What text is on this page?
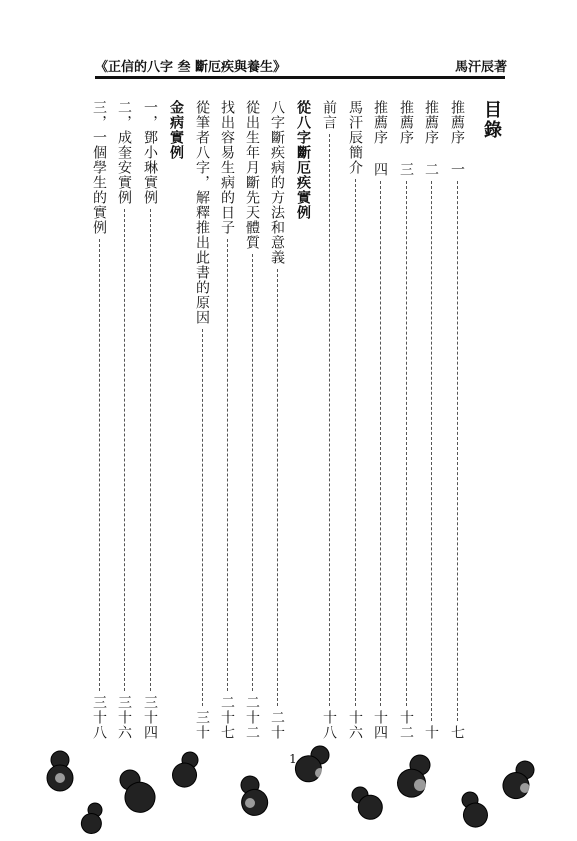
《正信的八字 叁 斷厄疾與養生》	馬汗辰著
目錄
推薦序 一
七
推薦序 二
十
推薦序 三
十二
推薦序 四
十四
馬汗辰簡介
十六
前言
十八
從八字斷厄疾實例
八字斷疾病的方法和意義
二十
從出生年月斷先天體質
二十二
找出容易生病的日子
二十七
從筆者八字，解釋推出此書的原因
三十
金病實例
一，鄧小琳實例
三十四
二，成奎安實例
三十六
三，一個學生的實例
三十八
1
